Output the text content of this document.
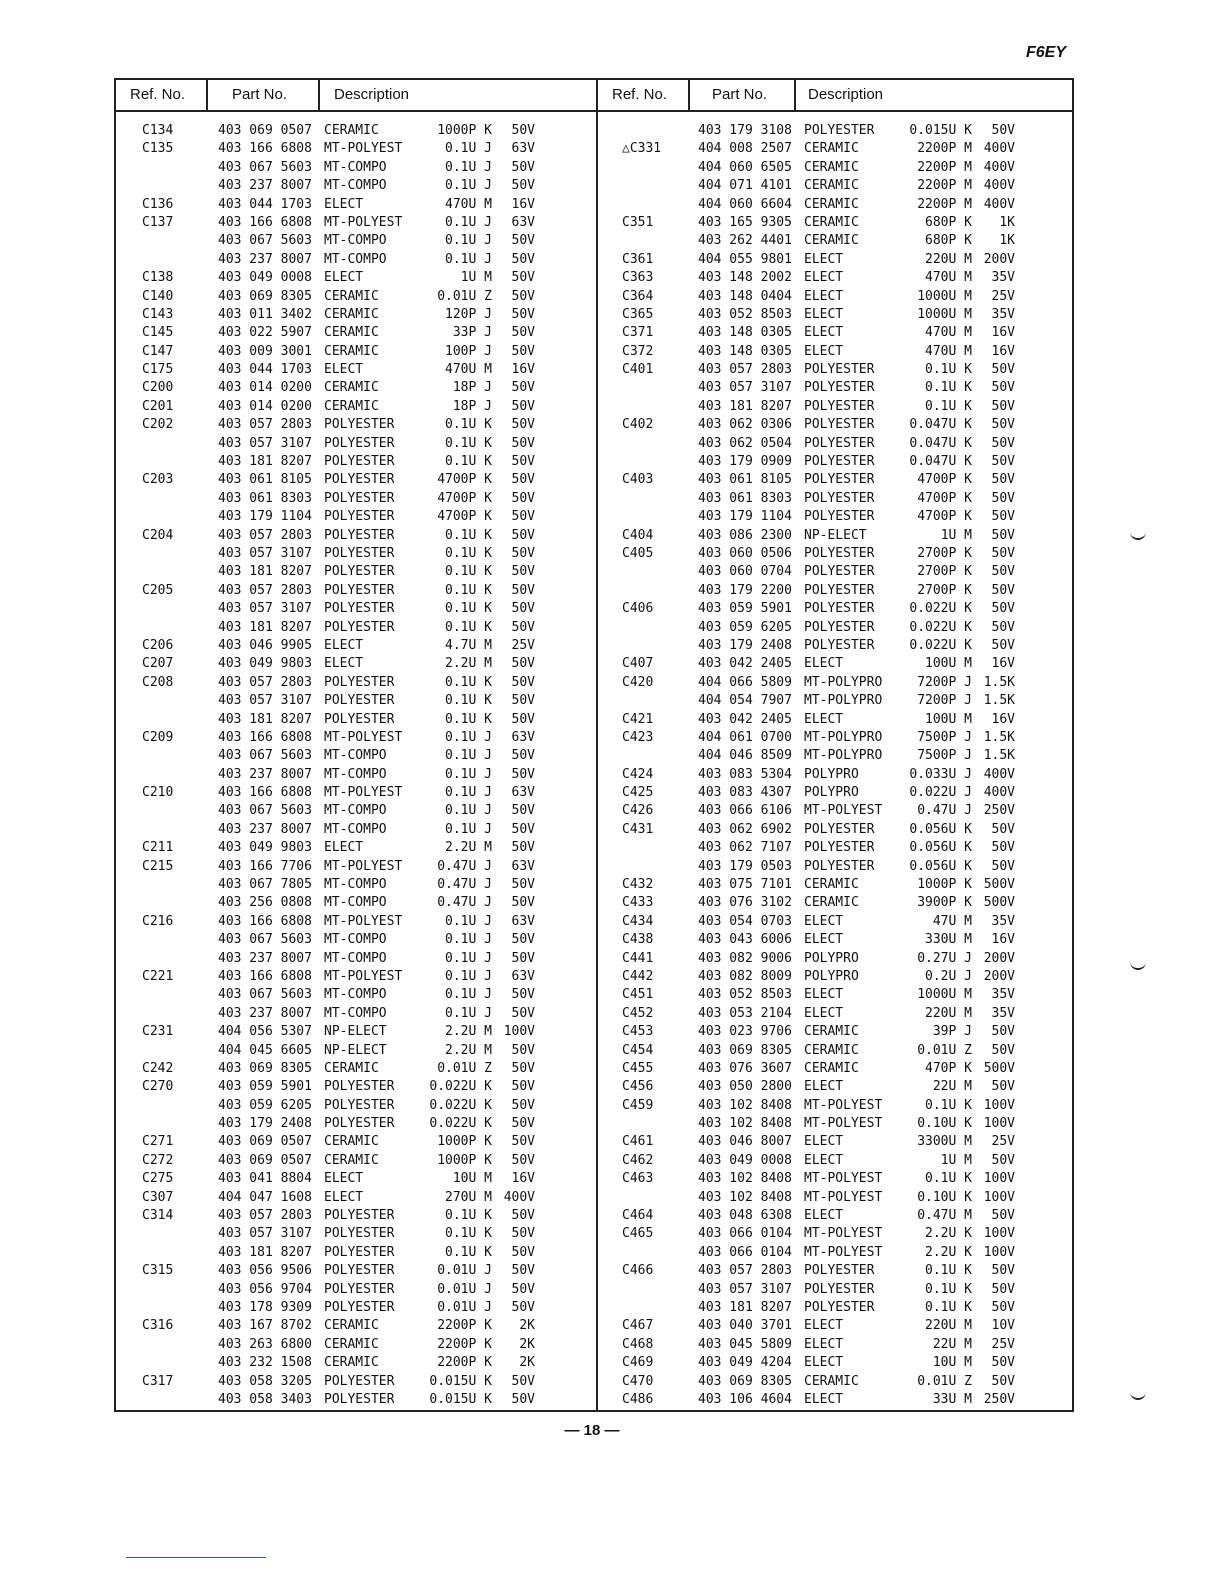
F6EY
Ref. No.	Part No.	Description	Ref. No.	Part No.	Description
C134	403 069 0507 CERAMIC	1000P K	50V
C135	403 166 6808 MT-POLYEST	0.1U J	63V
403 067 5603 MT-COMPO	0.1U J	50V
403 237 8007 MT-COMPO	0.1U J	50V
C136	403 044 1703 ELECT	470U M	16V
C137	403 166 6808 MT-POLYEST	0.1U J	63V
403 067 5603 MT-COMPO	0.1U J	50V
403 237 8007 MT-COMPO	0.1U J	50V
C138	403 049 0008 ELECT	1U M	50V
C140	403 069 8305 CERAMIC	0.01U Z	50V
C143	403 011 3402 CERAMIC	120P J	50V
C145	403 022 5907 CERAMIC	33P J	50V
C147	403 009 3001 CERAMIC	100P J	50V
C175	403 044 1703 ELECT	470U M	16V
C200	403 014 0200 CERAMIC	18P J	50V
C201	403 014 0200 CERAMIC	18P J	50V
C202	403 057 2803 POLYESTER	0.1U K	50V
403 057 3107 POLYESTER	0.1U K	50V
403 181 8207 POLYESTER	0.1U K	50V
C203	403 061 8105 POLYESTER	4700P K	50V
403 061 8303 POLYESTER	4700P K	50V
403 179 1104 POLYESTER	4700P K	50V
C204	403 057 2803 POLYESTER	0.1U K	50V
403 057 3107 POLYESTER	0.1U K	50V
403 181 8207 POLYESTER	0.1U K	50V
C205	403 057 2803 POLYESTER	0.1U K	50V
403 057 3107 POLYESTER	0.1U K	50V
403 181 8207 POLYESTER	0.1U K	50V
C206	403 046 9905 ELECT	4.7U M	25V
C207	403 049 9803 ELECT	2.2U M	50V
C208	403 057 2803 POLYESTER	0.1U K	50V
403 057 3107 POLYESTER	0.1U K	50V
403 181 8207 POLYESTER	0.1U K	50V
C209	403 166 6808 MT-POLYEST	0.1U J	63V
403 067 5603 MT-COMPO	0.1U J	50V
403 237 8007 MT-COMPO	0.1U J	50V
C210	403 166 6808 MT-POLYEST	0.1U J	63V
403 067 5603 MT-COMPO	0.1U J	50V
403 237 8007 MT-COMPO	0.1U J	50V
C211	403 049 9803 ELECT	2.2U M	50V
C215	403 166 7706 MT-POLYEST	0.47U J	63V
403 067 7805 MT-COMPO	0.47U J	50V
403 256 0808 MT-COMPO	0.47U J	50V
C216	403 166 6808 MT-POLYEST	0.1U J	63V
403 067 5603 MT-COMPO	0.1U J	50V
403 237 8007 MT-COMPO	0.1U J	50V
C221	403 166 6808 MT-POLYEST	0.1U J	63V
403 067 5603 MT-COMPO	0.1U J	50V
403 237 8007 MT-COMPO	0.1U J	50V
C231	404 056 5307 NP-ELECT	2.2U M 100V
404 045 6605 NP-ELECT	2.2U M	50V
C242	403 069 8305 CERAMIC	0.01U Z	50V
C270	403 059 5901 POLYESTER	0.022U K	50V
403 059 6205 POLYESTER	0.022U K	50V
403 179 2408 POLYESTER	0.022U K	50V
C271	403 069 0507 CERAMIC	1000P K	50V
C272	403 069 0507 CERAMIC	1000P K	50V
C275	403 041 8804 ELECT	10U M	16V
C307	404 047 1608 ELECT	270U M 400V
C314	403 057 2803 POLYESTER	0.1U K	50V
403 057 3107 POLYESTER	0.1U K	50V
403 181 8207 POLYESTER	0.1U K	50V
C315	403 056 9506 POLYESTER	0.01U J	50V
403 056 9704 POLYESTER	0.01U J	50V
403 178 9309 POLYESTER	0.01U J	50V
C316	403 167 8702 CERAMIC	2200P K	2K
403 263 6800 CERAMIC	2200P K	2K
403 232 1508 CERAMIC	2200P K	2K
C317	403 058 3205 POLYESTER	0.015U K	50V
403 058 3403 POLYESTER	0.015U K	50V
403 179 3108 POLYESTER	0.015U K	50V
△C331	404 008 2507 CERAMIC	2200P M 400V
404 060 6505 CERAMIC	2200P M 400V
404 071 4101 CERAMIC	2200P M 400V
404 060 6604 CERAMIC	2200P M 400V
C351	403 165 9305 CERAMIC	680P K	1K
403 262 4401 CERAMIC	680P K	1K
C361	404 055 9801 ELECT	220U M 200V
C363	403 148 2002 ELECT	470U M	35V
C364	403 148 0404 ELECT	1000U M	25V
C365	403 052 8503 ELECT	1000U M	35V
C371	403 148 0305 ELECT	470U M	16V
C372	403 148 0305 ELECT	470U M	16V
C401	403 057 2803 POLYESTER	0.1U K	50V
403 057 3107 POLYESTER	0.1U K	50V
403 181 8207 POLYESTER	0.1U K	50V
C402	403 062 0306 POLYESTER	0.047U K	50V
403 062 0504 POLYESTER	0.047U K	50V
403 179 0909 POLYESTER	0.047U K	50V
C403	403 061 8105 POLYESTER	4700P K	50V
403 061 8303 POLYESTER	4700P K	50V
403 179 1104 POLYESTER	4700P K	50V
C404	403 086 2300 NP-ELECT	1U M	50V
C405	403 060 0506 POLYESTER	2700P K	50V
403 060 0704 POLYESTER	2700P K	50V
403 179 2200 POLYESTER	2700P K	50V
C406	403 059 5901 POLYESTER	0.022U K	50V
403 059 6205 POLYESTER	0.022U K	50V
403 179 2408 POLYESTER	0.022U K	50V
C407	403 042 2405 ELECT	100U M	16V
C420	404 066 5809 MT-POLYPRO	7200P J 1.5K
404 054 7907 MT-POLYPRO	7200P J 1.5K
C421	403 042 2405 ELECT	100U M	16V
C423	404 061 0700 MT-POLYPRO	7500P J 1.5K
404 046 8509 MT-POLYPRO	7500P J 1.5K
C424	403 083 5304 POLYPRO	0.033U J 400V
C425	403 083 4307 POLYPRO	0.022U J 400V
C426	403 066 6106 MT-POLYEST	0.47U J 250V
C431	403 062 6902 POLYESTER	0.056U K	50V
403 062 7107 POLYESTER	0.056U K	50V
403 179 0503 POLYESTER	0.056U K	50V
C432	403 075 7101 CERAMIC	1000P K 500V
C433	403 076 3102 CERAMIC	3900P K 500V
C434	403 054 0703 ELECT	47U M	35V
C438	403 043 6006 ELECT	330U M	16V
C441	403 082 9006 POLYPRO	0.27U J 200V
C442	403 082 8009 POLYPRO	0.2U J 200V
C451	403 052 8503 ELECT	1000U M	35V
C452	403 053 2104 ELECT	220U M	35V
C453	403 023 9706 CERAMIC	39P J	50V
C454	403 069 8305 CERAMIC	0.01U Z	50V
C455	403 076 3607 CERAMIC	470P K 500V
C456	403 050 2800 ELECT	22U M	50V
C459	403 102 8408 MT-POLYEST	0.1U K 100V
403 102 8408 MT-POLYEST	0.10U K 100V
C461	403 046 8007 ELECT	3300U M	25V
C462	403 049 0008 ELECT	1U M	50V
C463	403 102 8408 MT-POLYEST	0.1U K 100V
403 102 8408 MT-POLYEST	0.10U K 100V
C464	403 048 6308 ELECT	0.47U M	50V
C465	403 066 0104 MT-POLYEST	2.2U K 100V
403 066 0104 MT-POLYEST	2.2U K 100V
C466	403 057 2803 POLYESTER	0.1U K	50V
403 057 3107 POLYESTER	0.1U K	50V
403 181 8207 POLYESTER	0.1U K	50V
C467	403 040 3701 ELECT	220U M	10V
C468	403 045 5809 ELECT	22U M	25V
C469	403 049 4204 ELECT	10U M	50V
C470	403 069 8305 CERAMIC	0.01U Z	50V
C486	403 106 4604 ELECT	33U M 250V
— 18 —
